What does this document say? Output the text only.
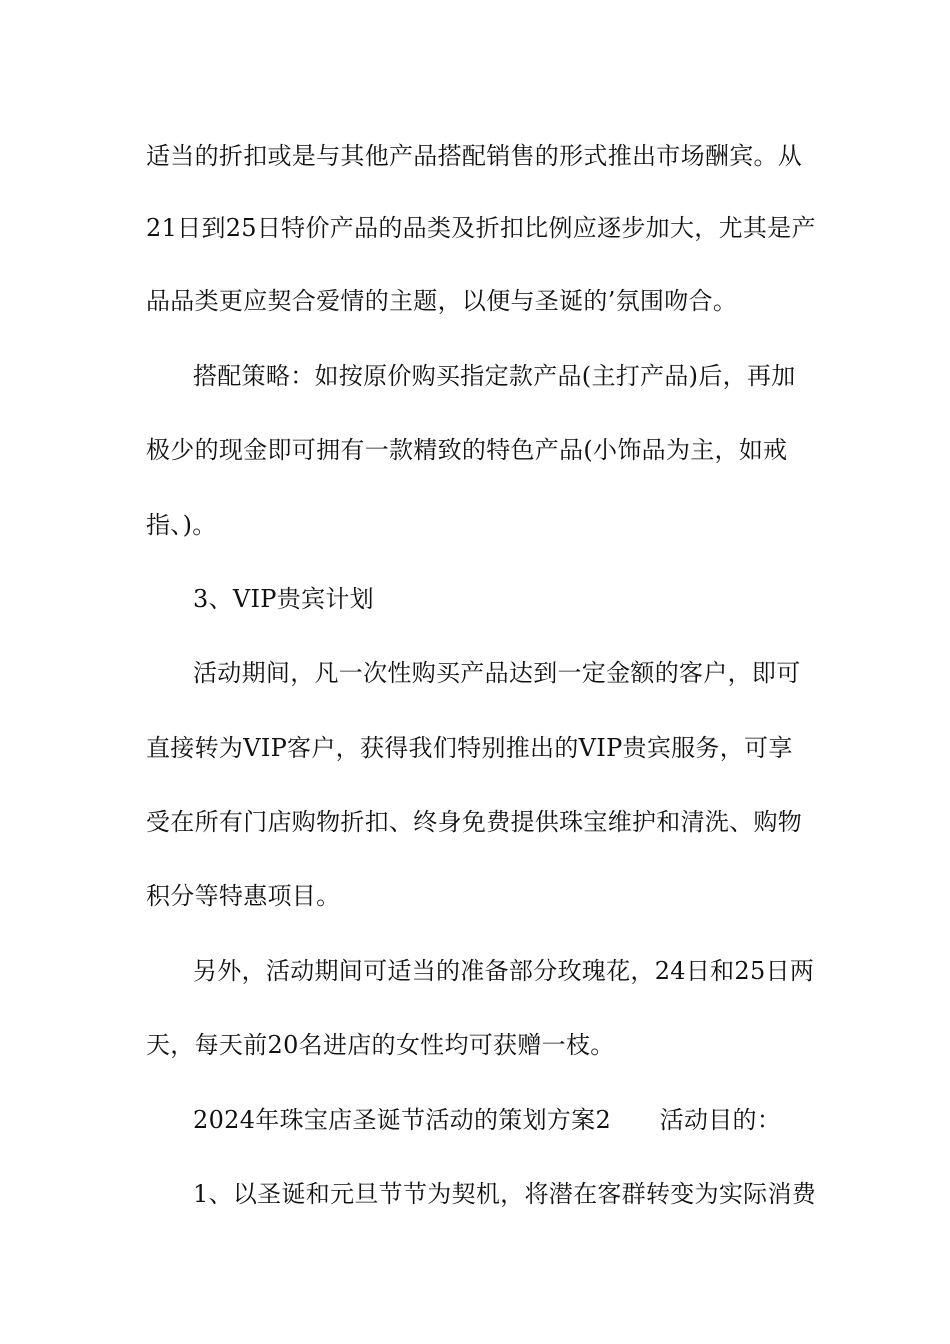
适当的折扣或是与其他产品搭配销售的形式推出市场酬宾。从
21日到25日特价产品的品类及折扣比例应逐步加大，尤其是产
品品类更应契合爱情的主题，以便与圣诞的’氛围吻合。
搭配策略：如按原价购买指定款产品(主打产品)后，再加
极少的现金即可拥有一款精致的特色产品(小饰品为主，如戒
指、)。
3、VIP贵宾计划
活动期间，凡一次性购买产品达到一定金额的客户，即可
直接转为VIP客户，获得我们特别推出的VIP贵宾服务，可享
受在所有门店购物折扣、终身免费提供珠宝维护和清洗、购物
积分等特惠项目。
另外，活动期间可适当的准备部分玫瑰花，24日和25日两
天，每天前20名进店的女性均可获赠一枝。
2024年珠宝店圣诞节活动的策划方案2　　活动目的：
1、以圣诞和元旦节节为契机，将潜在客群转变为实际消费
